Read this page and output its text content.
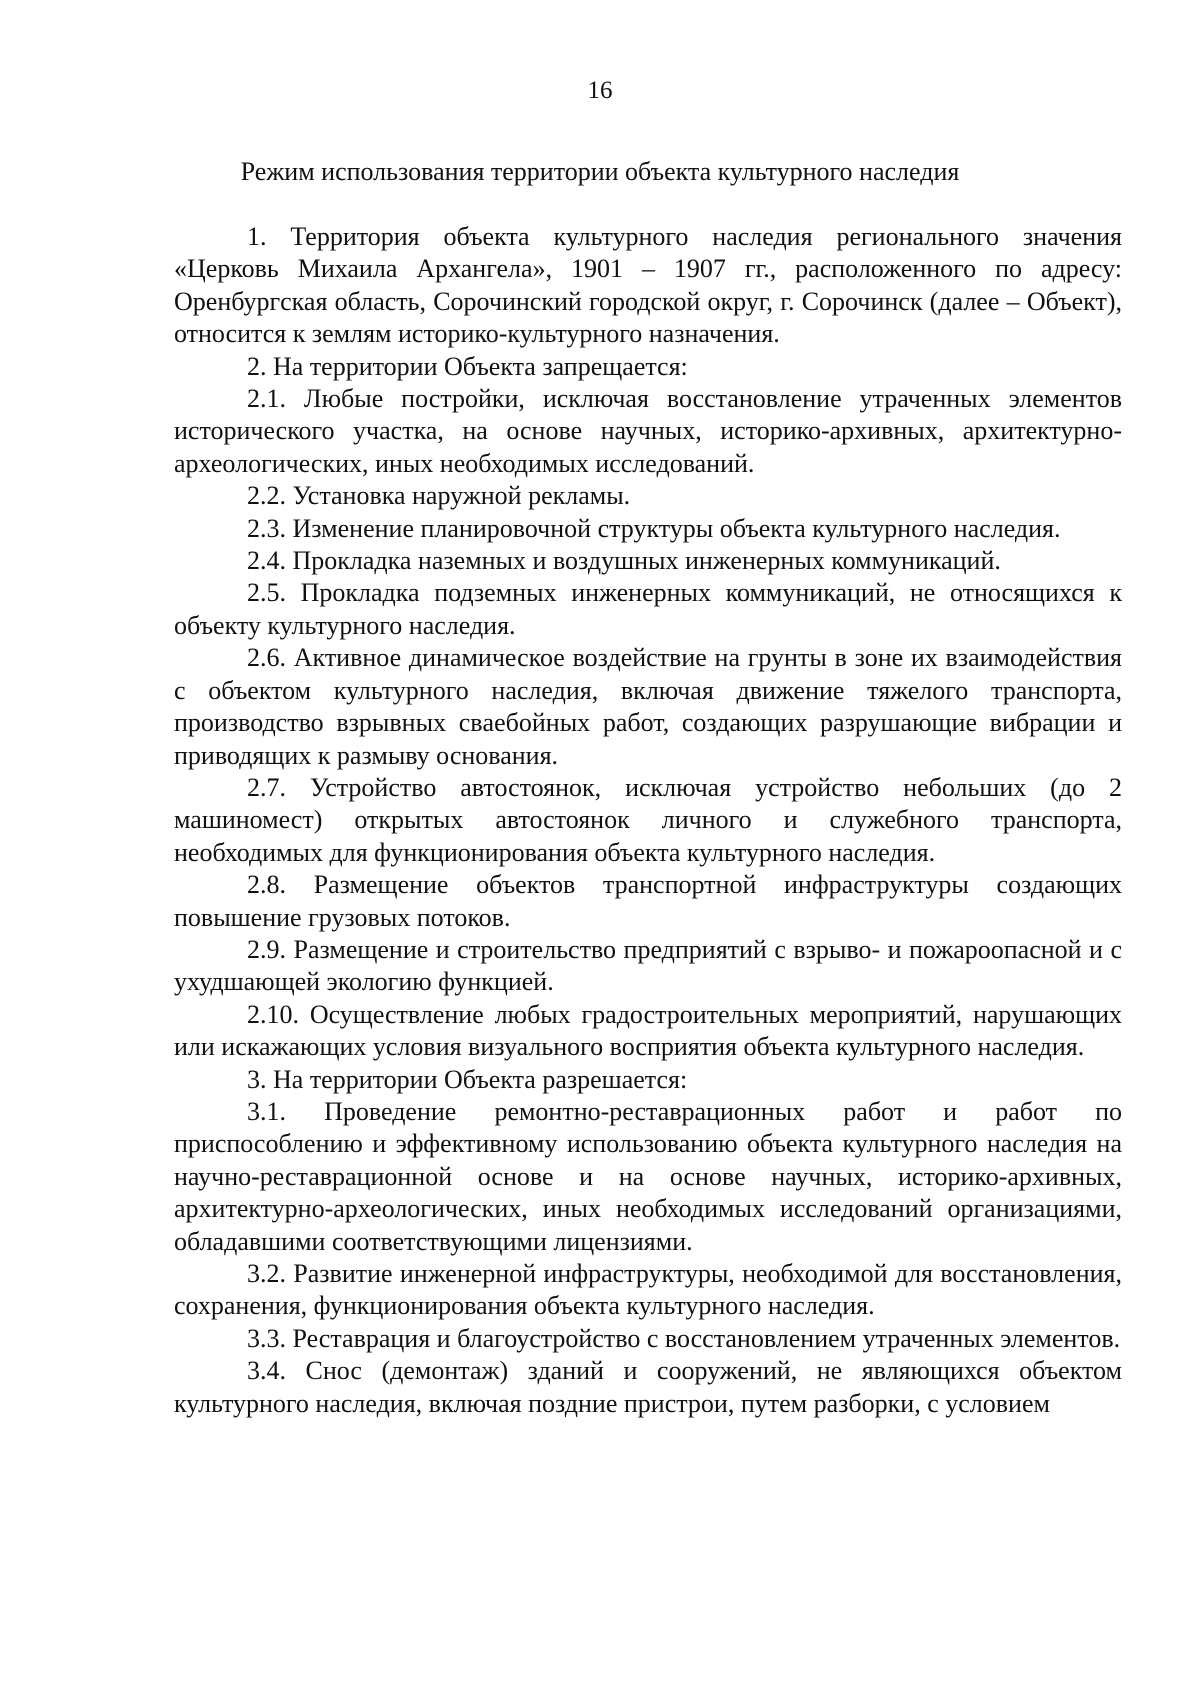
16
Режим использования территории объекта культурного наследия

1. Территория объекта культурного наследия регионального значения «Церковь Михаила Архангела», 1901 – 1907 гг., расположенного по адресу: Оренбургская область, Сорочинский городской округ, г. Сорочинск (далее – Объект), относится к землям историко-культурного назначения.

2. На территории Объекта запрещается:

2.1. Любые постройки, исключая восстановление утраченных элементов исторического участка, на основе научных, историко-архивных, архитектурно-археологических, иных необходимых исследований.

2.2. Установка наружной рекламы.

2.3. Изменение планировочной структуры объекта культурного наследия.

2.4. Прокладка наземных и воздушных инженерных коммуникаций.

2.5. Прокладка подземных инженерных коммуникаций, не относящихся к объекту культурного наследия.

2.6. Активное динамическое воздействие на грунты в зоне их взаимодействия с объектом культурного наследия, включая движение тяжелого транспорта, производство взрывных свaебойных работ, создающих разрушающие вибрации и приводящих к размыву основания.

2.7. Устройство автостоянок, исключая устройство небольших (до 2 машиномест) открытых автостоянок личного и служебного транспорта, необходимых для функционирования объекта культурного наследия.

2.8. Размещение объектов транспортной инфраструктуры создающих повышение грузовых потоков.

2.9. Размещение и строительство предприятий с взрыво- и пожароопасной и с ухудшающей экологию функцией.

2.10. Осуществление любых градостроительных мероприятий, нарушающих или искажающих условия визуального восприятия объекта культурного наследия.

3. На территории Объекта разрешается:

3.1. Проведение ремонтно-реставрационных работ и работ по приспособлению и эффективному использованию объекта культурного наследия на научно-реставрационной основе и на основе научных, историко-архивных, архитектурно-археологических, иных необходимых исследований организациями, обладавшими соответствующими лицензиями.

3.2. Развитие инженерной инфраструктуры, необходимой для восстановления, сохранения, функционирования объекта культурного наследия.

3.3. Реставрация и благоустройство с восстановлением утраченных элементов.

3.4. Снос (демонтаж) зданий и сооружений, не являющихся объектом культурного наследия, включая поздние пристрои, путем разборки, с условием
